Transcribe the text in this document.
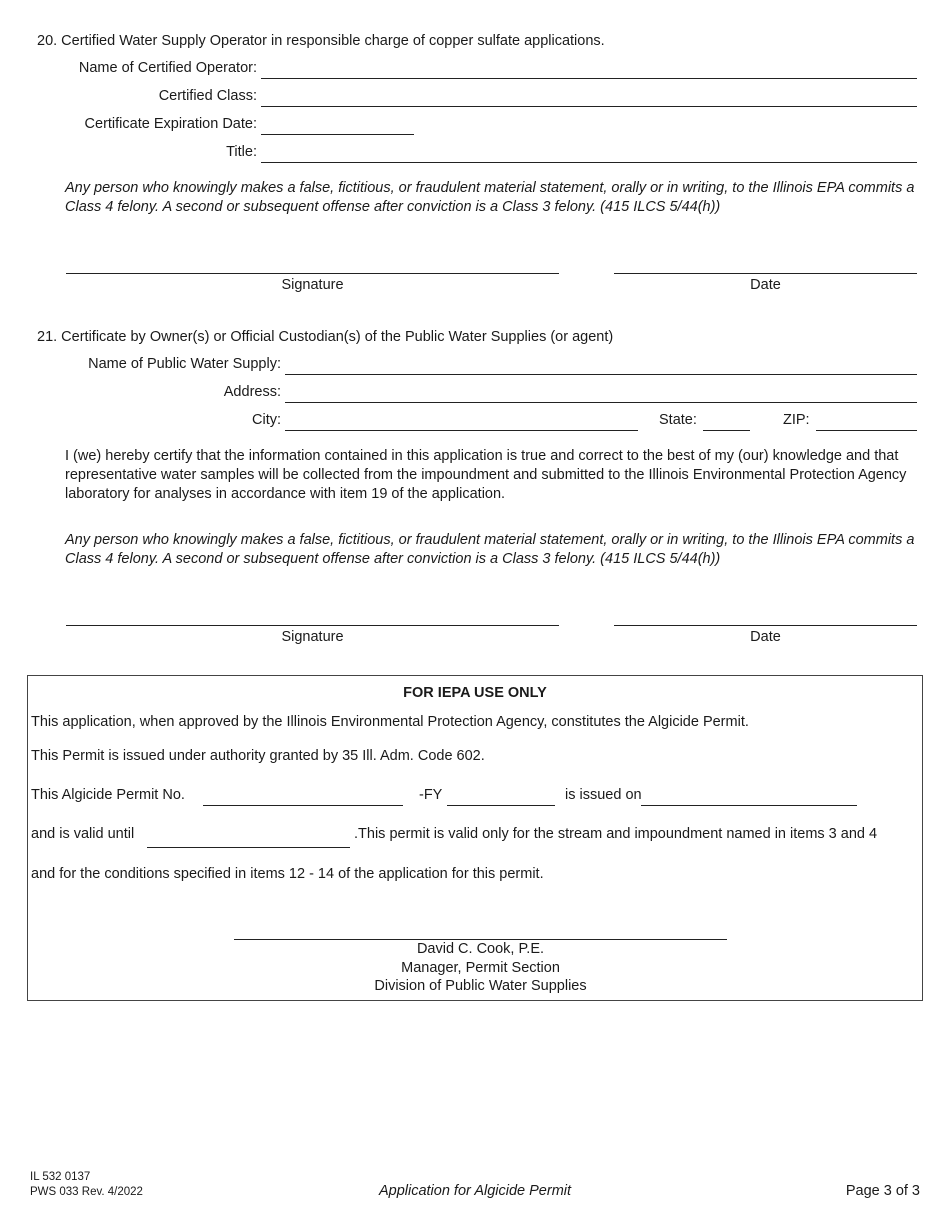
20. Certified Water Supply Operator in responsible charge of copper sulfate applications.
Name of Certified Operator:
Certified Class:
Certificate Expiration Date:
Title:
Any person who knowingly makes a false, fictitious, or fraudulent material statement, orally or in writing, to the Illinois EPA commits a Class 4 felony. A second or subsequent offense after conviction is a Class 3 felony. (415 ILCS 5/44(h))
Signature	Date
21. Certificate by Owner(s) or Official Custodian(s) of the Public Water Supplies (or agent)
Name of Public Water Supply:
Address:
City:	State:	ZIP:
I (we) hereby certify that the information contained in this application is true and correct to the best of my (our) knowledge and that representative water samples will be collected from the impoundment and submitted to the Illinois Environmental Protection Agency laboratory for analyses in accordance with item 19 of the application.
Any person who knowingly makes a false, fictitious, or fraudulent material statement, orally or in writing, to the Illinois EPA commits a Class 4 felony. A second or subsequent offense after conviction is a Class 3 felony. (415 ILCS 5/44(h))
Signature	Date
FOR IEPA USE ONLY
This application, when approved by the Illinois Environmental Protection Agency, constitutes the Algicide Permit.
This Permit is issued under authority granted by 35 Ill. Adm. Code 602.
This Algicide Permit No.	-FY	is issued on
and is valid until	.This permit is valid only for the stream and impoundment named in items 3 and 4
and for the conditions specified in items 12 - 14 of the application for this permit.
David C. Cook, P.E.
Manager, Permit Section
Division of Public Water Supplies
IL 532 0137
PWS 033 Rev. 4/2022	Application for Algicide Permit	Page 3 of 3
